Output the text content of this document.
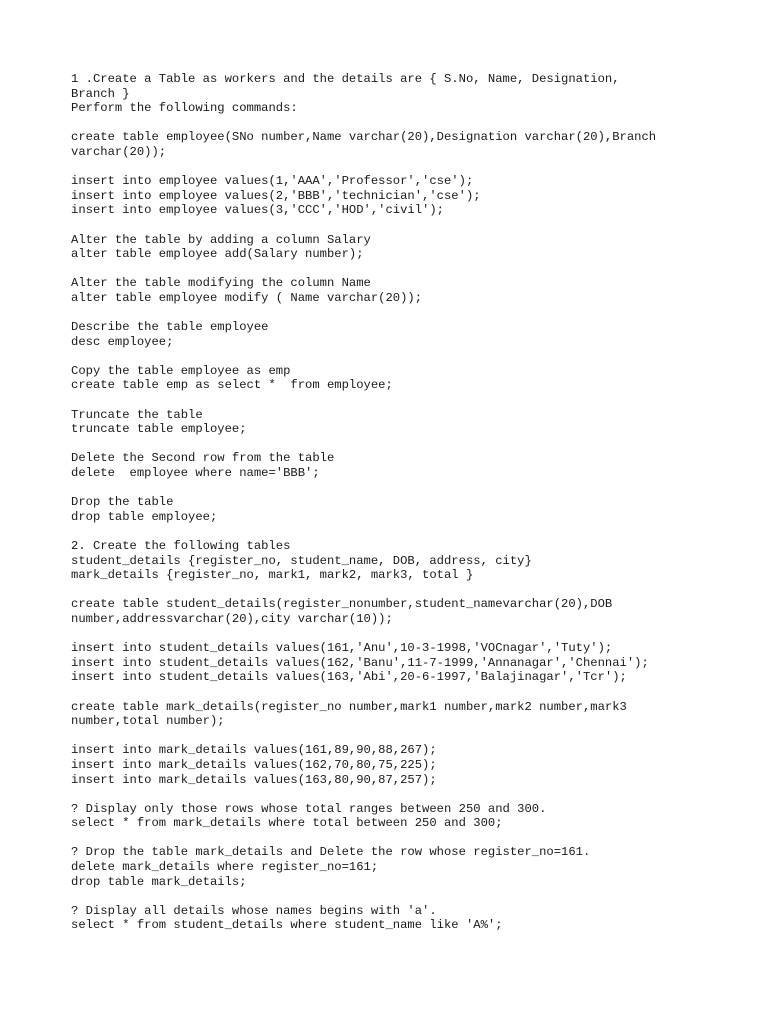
1 .Create a Table as workers and the details are { S.No, Name, Designation,
Branch }
Perform the following commands:
create table employee(SNo number,Name varchar(20),Designation varchar(20),Branch
varchar(20));
insert into employee values(1,'AAA','Professor','cse');
insert into employee values(2,'BBB','technician','cse');
insert into employee values(3,'CCC','HOD','civil');
Alter the table by adding a column Salary
alter table employee add(Salary number);
Alter the table modifying the column Name
alter table employee modify ( Name varchar(20));
Describe the table employee
desc employee;
Copy the table employee as emp
create table emp as select *  from employee;
Truncate the table
truncate table employee;
Delete the Second row from the table
delete  employee where name='BBB';
Drop the table
drop table employee;
2. Create the following tables
student_details {register_no, student_name, DOB, address, city}
mark_details {register_no, mark1, mark2, mark3, total }
create table student_details(register_nonumber,student_namevarchar(20),DOB
number,addressvarchar(20),city varchar(10));
insert into student_details values(161,'Anu',10-3-1998,'VOCnagar','Tuty');
insert into student_details values(162,'Banu',11-7-1999,'Annanagar','Chennai');
insert into student_details values(163,'Abi',20-6-1997,'Balajinagar','Tcr');
create table mark_details(register_no number,mark1 number,mark2 number,mark3
number,total number);
insert into mark_details values(161,89,90,88,267);
insert into mark_details values(162,70,80,75,225);
insert into mark_details values(163,80,90,87,257);
? Display only those rows whose total ranges between 250 and 300.
select * from mark_details where total between 250 and 300;
? Drop the table mark_details and Delete the row whose register_no=161.
delete mark_details where register_no=161;
drop table mark_details;
? Display all details whose names begins with 'a'.
select * from student_details where student_name like 'A%';
